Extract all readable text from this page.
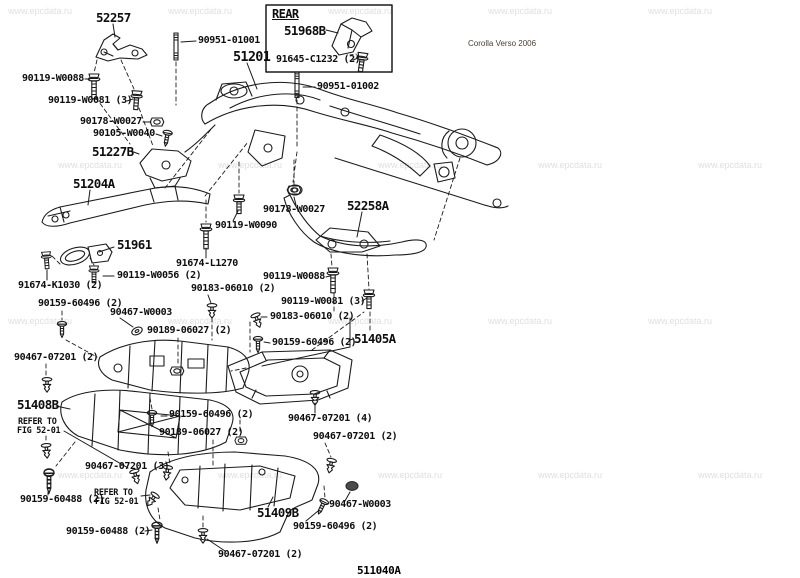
www.epcdata.ru	www.epcdata.ru	www.epcdata.ru	www.epcdata.ru	www.epcdata.ru
www.epcdata.ru	www.epcdata.ru	www.epcdata.ru	www.epcdata.ru	www.epcdata.ru
www.epcdata.ru	www.epcdata.ru	www.epcdata.ru	www.epcdata.ru	www.epcdata.ru
www.epcdata.ru	www.epcdata.ru	www.epcdata.ru	www.epcdata.ru	www.epcdata.ru
52257
90951-01001
51201
REAR
51968B
91645-C1232 (2)
90951-01002
Corolla Verso 2006
90119-W0088
90119-W0081 (3)
90178-W0027
90105-W0040
51227B
51204A
51961
90178-W0027 52258A
90119-W0090
91674-L1270
90119-W0056 (2)
91674-K1030 (2)	90183-06010 (2)
90119-W0088
90119-W0081 (3)
90183-06010 (2)
90159-60496 (2)
90467-W0003
90189-06027 (2)
90159-60496 (2)
51405A
90467-07201 (2)
51408B
REFER TO
FIG 52-01
90159-60496 (2)
90189-06027 (2)
90467-07201 (3)
90467-07201 (4)
90467-07201 (2)
90159-60488 (2)
REFER TO
FIG 52-01
90159-60488 (2)
51409B
90467-W0003
90159-60496 (2)
90467-07201 (2)
511040A
